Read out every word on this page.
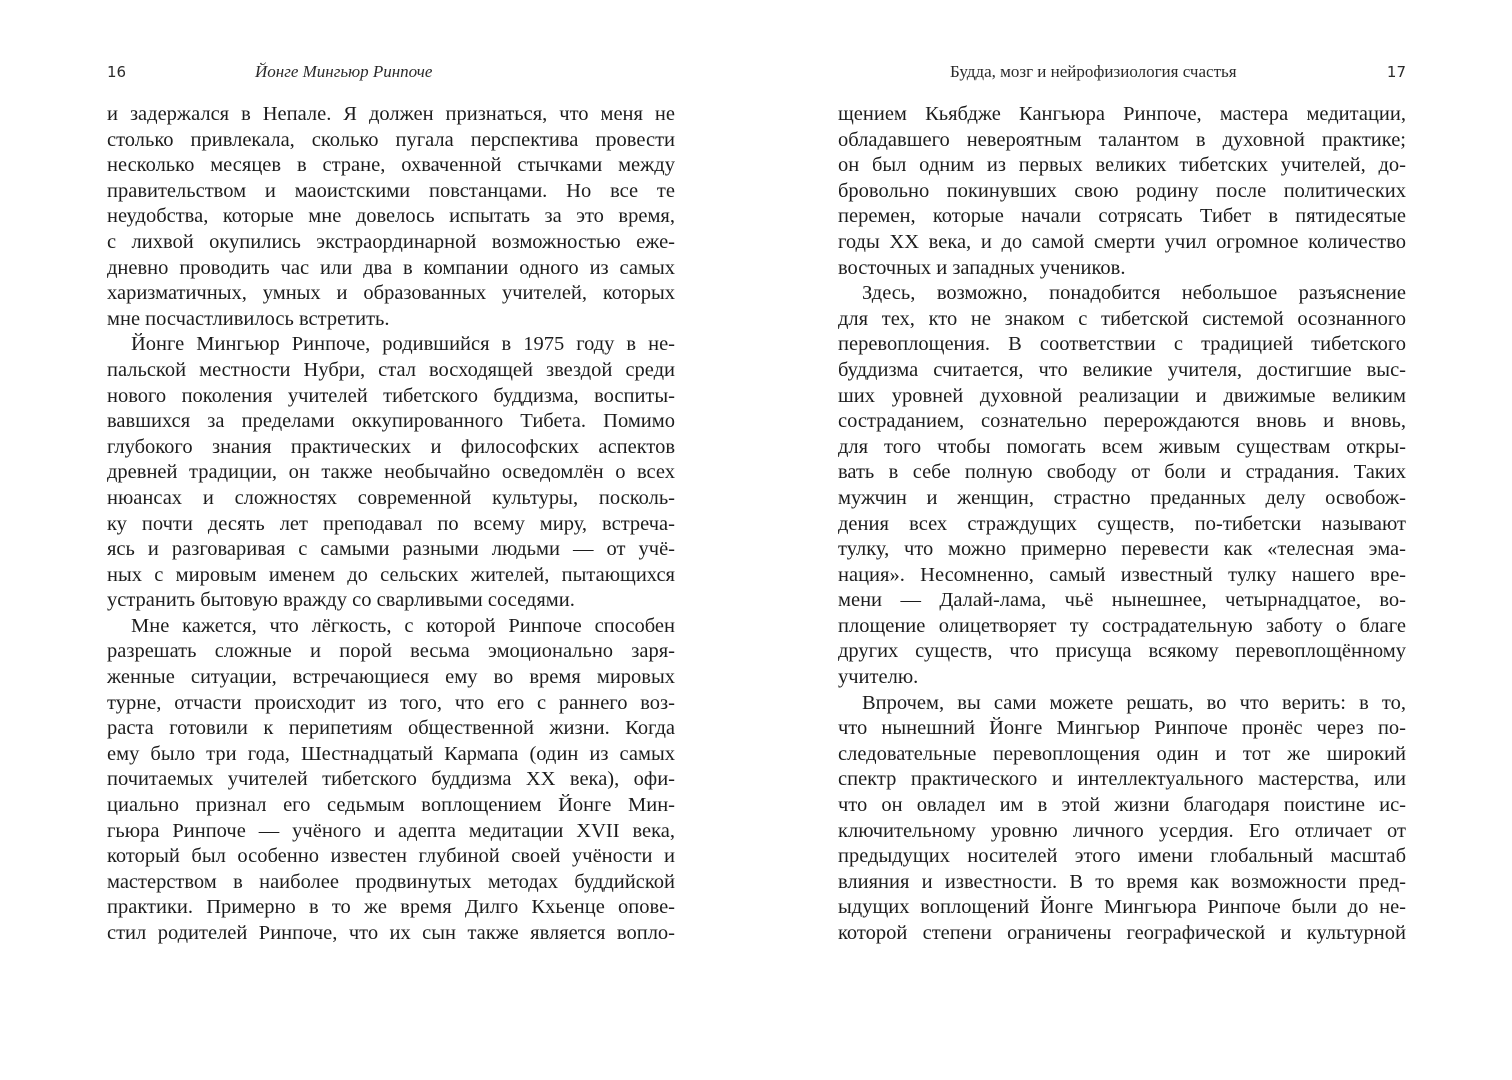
16	Йонге Мингьюр Ринпоче
и задержался в Непале. Я должен признаться, что меня не
столько привлекала, сколько пугала перспектива провести
несколько месяцев в стране, охваченной стычками между
правительством и маоистскими повстанцами. Но все те
неудобства, которые мне довелось испытать за это время,
с лихвой окупились экстраординарной возможностью еже-
дневно проводить час или два в компании одного из самых
харизматичных, умных и образованных учителей, которых
мне посчастливилось встретить.
Йонге Мингьюр Ринпоче, родившийся в 1975 году в не-
пальской местности Нубри, стал восходящей звездой среди
нового поколения учителей тибетского буддизма, воспиты-
вавшихся за пределами оккупированного Тибета. Помимо
глубокого знания практических и философских аспектов
древней традиции, он также необычайно осведомлён о всех
нюансах и сложностях современной культуры, посколь-
ку почти десять лет преподавал по всему миру, встреча-
ясь и разговаривая с самыми разными людьми — от учё-
ных с мировым именем до сельских жителей, пытающихся
устранить бытовую вражду со сварливыми соседями.
Мне кажется, что лёгкость, с которой Ринпоче способен
разрешать сложные и порой весьма эмоционально заря-
женные ситуации, встречающиеся ему во время мировых
турне, отчасти происходит из того, что его с раннего воз-
раста готовили к перипетиям общественной жизни. Когда
ему было три года, Шестнадцатый Кармапа (один из самых
почитаемых учителей тибетского буддизма XX века), офи-
циально признал его седьмым воплощением Йонге Мин-
гьюра Ринпоче — учёного и адепта медитации XVII века,
который был особенно известен глубиной своей учёности и
мастерством в наиболее продвинутых методах буддийской
практики. Примерно в то же время Дилго Кхьенце опове-
стил родителей Ринпоче, что их сын также является вопло-
Будда, мозг и нейрофизиология счастья	17
щением Кьябдже Кангьюра Ринпоче, мастера медитации,
обладавшего невероятным талантом в духовной практике;
он был одним из первых великих тибетских учителей, до-
бровольно покинувших свою родину после политических
перемен, которые начали сотрясать Тибет в пятидесятые
годы XX века, и до самой смерти учил огромное количество
восточных и западных учеников.
Здесь, возможно, понадобится небольшое разъяснение
для тех, кто не знаком с тибетской системой осознанного
перевоплощения. В соответствии с традицией тибетского
буддизма считается, что великие учителя, достигшие выс-
ших уровней духовной реализации и движимые великим
состраданием, сознательно перерождаются вновь и вновь,
для того чтобы помогать всем живым существам откры-
вать в себе полную свободу от боли и страдания. Таких
мужчин и женщин, страстно преданных делу освобож-
дения всех страждущих существ, по-тибетски называют
тулку, что можно примерно перевести как «телесная эма-
нация». Несомненно, самый известный тулку нашего вре-
мени — Далай-лама, чьё нынешнее, четырнадцатое, во-
площение олицетворяет ту сострадательную заботу о благе
других существ, что присуща всякому перевоплощённому
учителю.
Впрочем, вы сами можете решать, во что верить: в то,
что нынешний Йонге Мингьюр Ринпоче пронёс через по-
следовательные перевоплощения один и тот же широкий
спектр практического и интеллектуального мастерства, или
что он овладел им в этой жизни благодаря поистине ис-
ключительному уровню личного усердия. Его отличает от
предыдущих носителей этого имени глобальный масштаб
влияния и известности. В то время как возможности пред-
ыдущих воплощений Йонге Мингьюра Ринпоче были до не-
которой степени ограничены географической и культурной
